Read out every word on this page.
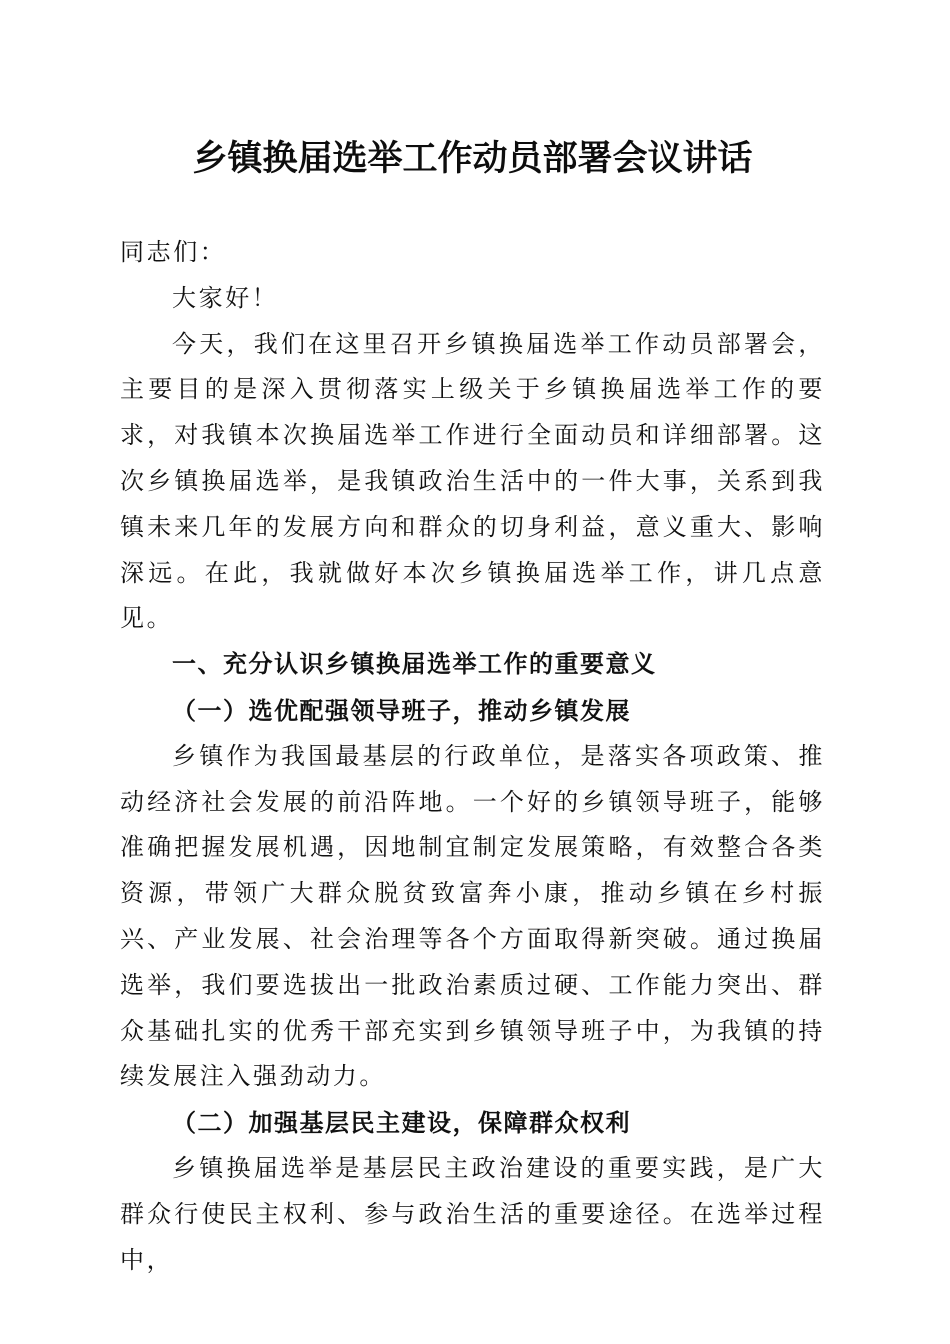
乡镇换届选举工作动员部署会议讲话

同志们：

大家好！

今天，我们在这里召开乡镇换届选举工作动员部署会，主要目的是深入贯彻落实上级关于乡镇换届选举工作的要求，对我镇本次换届选举工作进行全面动员和详细部署。这次乡镇换届选举，是我镇政治生活中的一件大事，关系到我镇未来几年的发展方向和群众的切身利益，意义重大、影响深远。在此，我就做好本次乡镇换届选举工作，讲几点意见。

一、充分认识乡镇换届选举工作的重要意义

（一）选优配强领导班子，推动乡镇发展

乡镇作为我国最基层的行政单位，是落实各项政策、推动经济社会发展的前沿阵地。一个好的乡镇领导班子，能够准确把握发展机遇，因地制宜制定发展策略，有效整合各类资源，带领广大群众脱贫致富奔小康，推动乡镇在乡村振兴、产业发展、社会治理等各个方面取得新突破。通过换届选举，我们要选拔出一批政治素质过硬、工作能力突出、群众基础扎实的优秀干部充实到乡镇领导班子中，为我镇的持续发展注入强劲动力。

（二）加强基层民主建设，保障群众权利

乡镇换届选举是基层民主政治建设的重要实践，是广大群众行使民主权利、参与政治生活的重要途径。在选举过程中，
